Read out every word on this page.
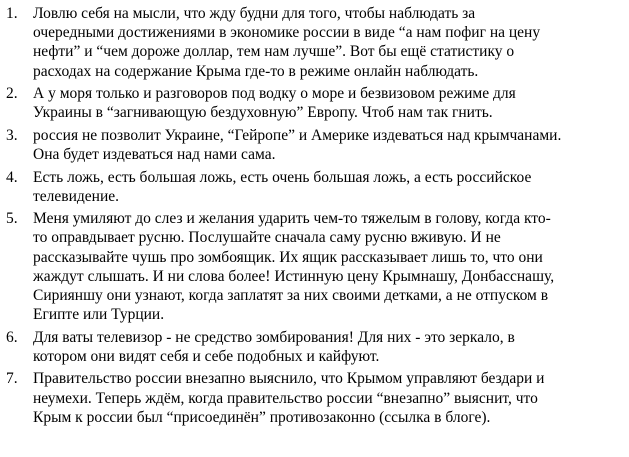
1. Ловлю себя на мысли, что жду будни для того, чтобы наблюдать за
очередными достижениями в экономике россии в виде “а нам пофиг на цену
нефти” и “чем дороже доллар, тем нам лучше”. Вот бы ещё статистику о
расходах на содержание Крыма где-то в режиме онлайн наблюдать.
2. А у моря только и разговоров под водку о море и безвизовом режиме для
Украины в “загнивающую бездуховную” Европу. Чтоб нам так гнить.
3. россия не позволит Украине, “Гейропе” и Америке издеваться над крымчанами.
Она будет издеваться над нами сама.
4. Есть ложь, есть большая ложь, есть очень большая ложь, а есть российское
телевидение.
5. Меня умиляют до слез и желания ударить чем-то тяжелым в голову, когда кто-
то оправдывает русню. Послушайте сначала саму русню вживую. И не
рассказывайте чушь про зомбоящик. Их ящик рассказывает лишь то, что они
жаждут слышать. И ни слова более! Истинную цену Крымнашу, Донбасснашу,
Сирияншу они узнают, когда заплатят за них своими детками, а не отпуском в
Египте или Турции.
6. Для ваты телевизор - не средство зомбирования! Для них - это зеркало, в
котором они видят себя и себе подобных и кайфуют.
7. Правительство россии внезапно выяснило, что Крымом управляют бездари и
неумехи. Теперь ждём, когда правительство россии “внезапно” выяснит, что
Крым к россии был “присоединён” противозаконно (ссылка в блоге).
